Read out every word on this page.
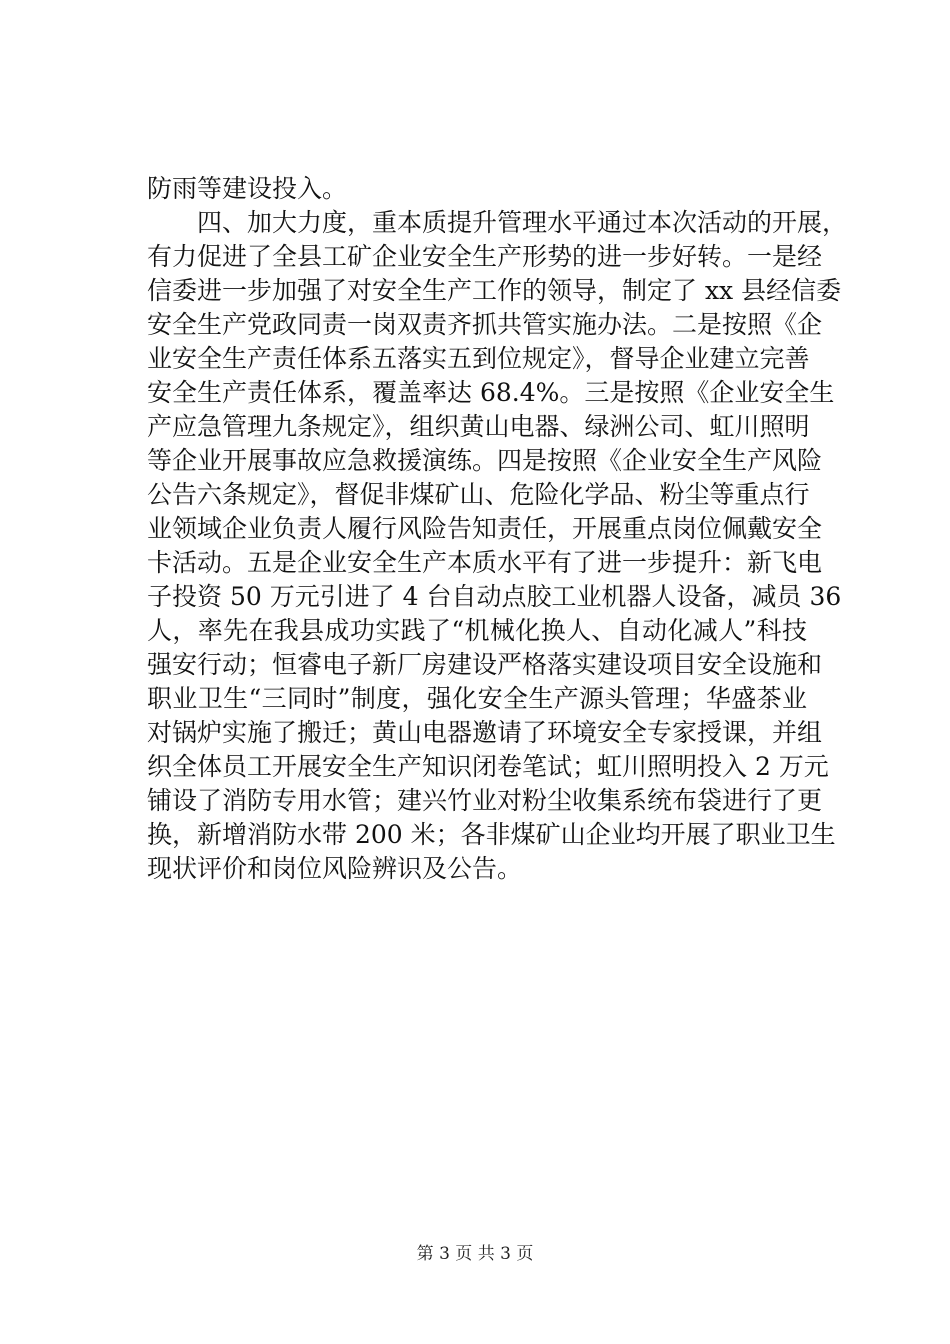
防雨等建设投入。
　　四、加大力度，重本质提升管理水平通过本次活动的开展，
有力促进了全县工矿企业安全生产形势的进一步好转。一是经
信委进一步加强了对安全生产工作的领导，制定了 xx 县经信委
安全生产党政同责一岗双责齐抓共管实施办法。二是按照《企
业安全生产责任体系五落实五到位规定》，督导企业建立完善
安全生产责任体系，覆盖率达 68.4%。三是按照《企业安全生
产应急管理九条规定》，组织黄山电器、绿洲公司、虹川照明
等企业开展事故应急救援演练。四是按照《企业安全生产风险
公告六条规定》，督促非煤矿山、危险化学品、粉尘等重点行
业领域企业负责人履行风险告知责任，开展重点岗位佩戴安全
卡活动。五是企业安全生产本质水平有了进一步提升：新飞电
子投资 50 万元引进了 4 台自动点胶工业机器人设备，减员 36
人，率先在我县成功实践了“机械化换人、自动化减人”科技
强安行动；恒睿电子新厂房建设严格落实建设项目安全设施和
职业卫生“三同时”制度，强化安全生产源头管理；华盛茶业
对锅炉实施了搬迁；黄山电器邀请了环境安全专家授课，并组
织全体员工开展安全生产知识闭卷笔试；虹川照明投入 2 万元
铺设了消防专用水管；建兴竹业对粉尘收集系统布袋进行了更
换，新增消防水带 200 米；各非煤矿山企业均开展了职业卫生
现状评价和岗位风险辨识及公告。
第 3 页 共 3 页
